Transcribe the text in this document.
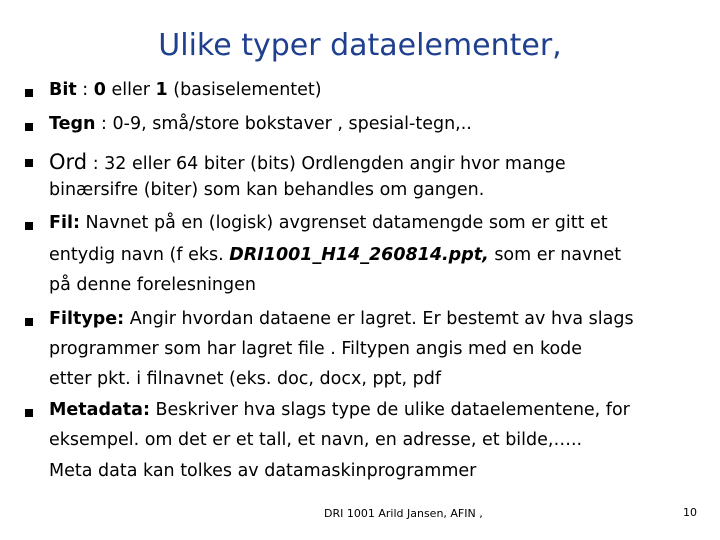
Ulike typer dataelementer,
Bit : 0 eller 1 (basiselementet)
Tegn : 0-9, små/store bokstaver , spesial-tegn,..
Ord : 32 eller 64 biter (bits) Ordlengden angir hvor mange
binærsifre (biter) som kan behandles om gangen.
Fil: Navnet på en (logisk) avgrenset datamengde som er gitt et
entydig navn (f eks. DRI1001_H14_260814.ppt, som er navnet
på denne forelesningen
Filtype: Angir hvordan dataene er lagret. Er bestemt av hva slags
programmer som har lagret file . Filtypen angis med en kode
etter pkt. i filnavnet (eks. doc, docx, ppt, pdf
Metadata: Beskriver hva slags type de ulike dataelementene, for
eksempel. om det er et tall, et navn, en adresse, et bilde,…..
Meta data kan tolkes av datamaskinprogrammer
DRI 1001 Arild Jansen, AFIN ,	10
